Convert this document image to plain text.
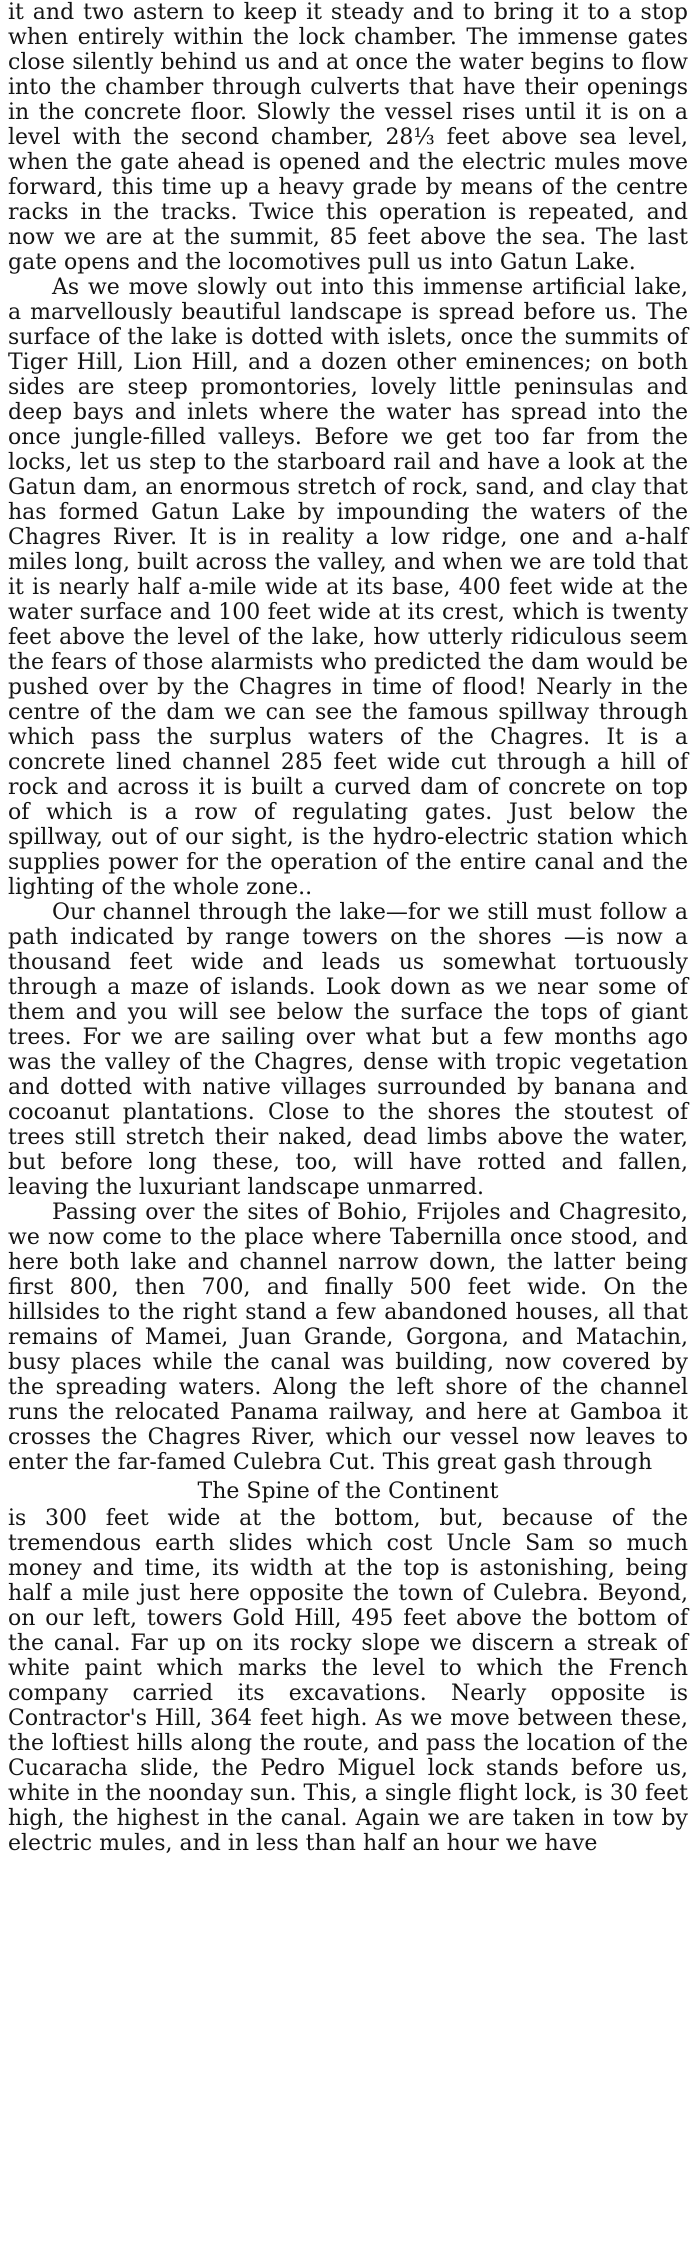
it and two astern to keep it steady and to bring it to a stop when entirely within the lock chamber. The immense gates close silently behind us and at once the water begins to flow into the chamber through culverts that have their openings in the concrete floor. Slowly the vessel rises until it is on a level with the second chamber, 28⅓ feet above sea level, when the gate ahead is opened and the electric mules move forward, this time up a heavy grade by means of the centre racks in the tracks. Twice this operation is repeated, and now we are at the summit, 85 feet above the sea. The last gate opens and the locomotives pull us into Gatun Lake.

As we move slowly out into this immense artificial lake, a marvellously beautiful landscape is spread before us. The surface of the lake is dotted with islets, once the summits of Tiger Hill, Lion Hill, and a dozen other eminences; on both sides are steep promontories, lovely little peninsulas and deep bays and inlets where the water has spread into the once jungle-filled valleys. Before we get too far from the locks, let us step to the starboard rail and have a look at the Gatun dam, an enormous stretch of rock, sand, and clay that has formed Gatun Lake by impounding the waters of the Chagres River. It is in reality a low ridge, one and a-half miles long, built across the valley, and when we are told that it is nearly half a-mile wide at its base, 400 feet wide at the water surface and 100 feet wide at its crest, which is twenty feet above the level of the lake, how utterly ridiculous seem the fears of those alarmists who predicted the dam would be pushed over by the Chagres in time of flood! Nearly in the centre of the dam we can see the famous spillway through which pass the surplus waters of the Chagres. It is a concrete lined channel 285 feet wide cut through a hill of rock and across it is built a curved dam of concrete on top of which is a row of regulating gates. Just below the spillway, out of our sight, is the hydro-electric station which supplies power for the operation of the entire canal and the lighting of the whole zone..

Our channel through the lake—for we still must follow a path indicated by range towers on the shores —is now a thousand feet wide and leads us somewhat tortuously through a maze of islands. Look down as we near some of them and you will see below the surface the tops of giant trees. For we are sailing over what but a few months ago was the valley of the Chagres, dense with tropic vegetation and dotted with native villages surrounded by banana and cocoanut plantations. Close to the shores the stoutest of trees still stretch their naked, dead limbs above the water, but before long these, too, will have rotted and fallen, leaving the luxuriant landscape unmarred.

Passing over the sites of Bohio, Frijoles and Chagresito, we now come to the place where Tabernilla once stood, and here both lake and channel narrow down, the latter being first 800, then 700, and finally 500 feet wide. On the hillsides to the right stand a few abandoned houses, all that remains of Mamei, Juan Grande, Gorgona, and Matachin, busy places while the canal was building, now covered by the spreading waters. Along the left shore of the channel runs the relocated Panama railway, and here at Gamboa it crosses the Chagres River, which our vessel now leaves to enter the far-famed Culebra Cut. This great gash through

The Spine of the Continent

is 300 feet wide at the bottom, but, because of the tremendous earth slides which cost Uncle Sam so much money and time, its width at the top is astonishing, being half a mile just here opposite the town of Culebra. Beyond, on our left, towers Gold Hill, 495 feet above the bottom of the canal. Far up on its rocky slope we discern a streak of white paint which marks the level to which the French company carried its excavations. Nearly opposite is Contractor's Hill, 364 feet high. As we move between these, the loftiest hills along the route, and pass the location of the Cucaracha slide, the Pedro Miguel lock stands before us, white in the noonday sun. This, a single flight lock, is 30 feet high, the highest in the canal. Again we are taken in tow by electric mules, and in less than half an hour we have
